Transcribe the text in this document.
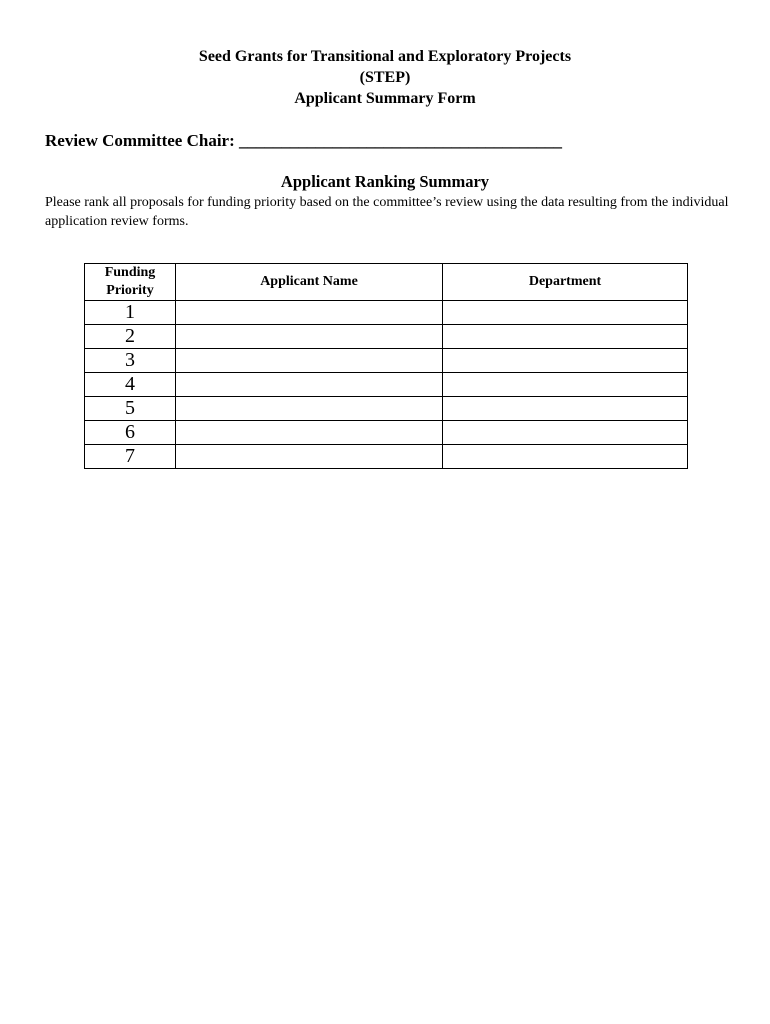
Seed Grants for Transitional and Exploratory Projects
(STEP)
Applicant Summary Form
Review Committee Chair: ______________________________________
Applicant Ranking Summary
Please rank all proposals for funding priority based on the committee’s review using the data resulting from the individual application review forms.
Funding
Priority	Applicant Name	Department
1		
2		
3		
4		
5		
6		
7		
